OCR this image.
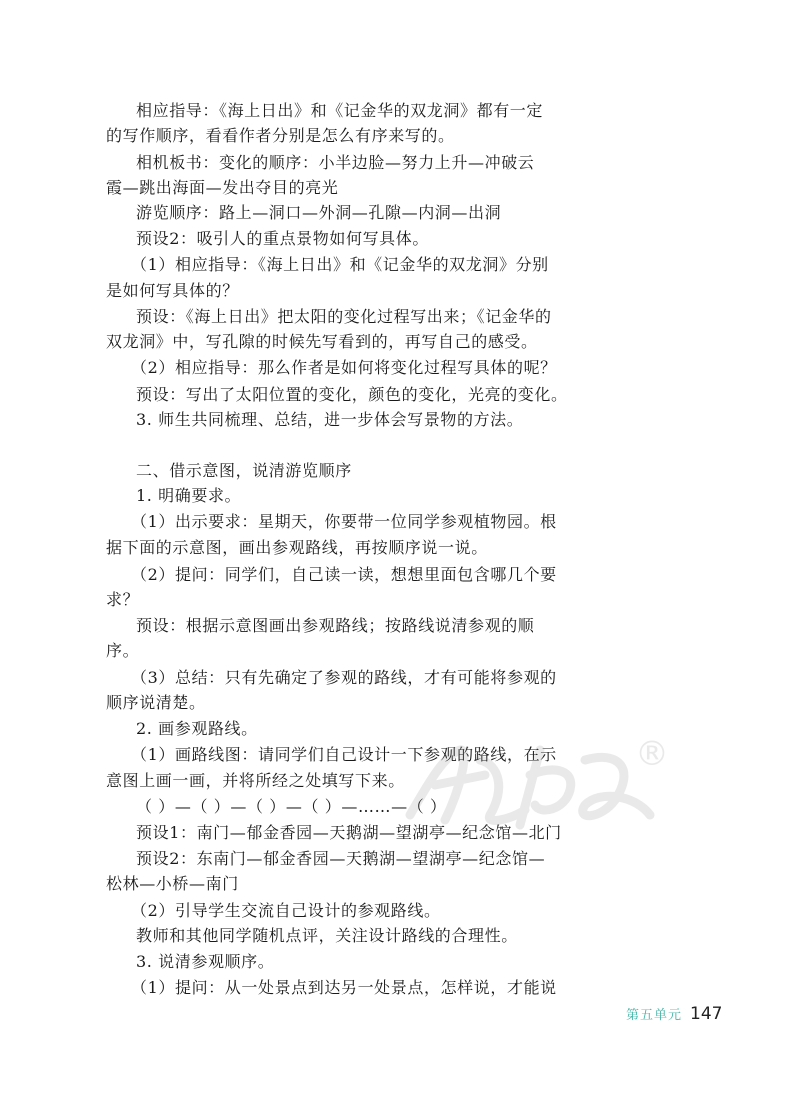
相应指导：《海上日出》和《记金华的双龙洞》都有一定
的写作顺序，看看作者分别是怎么有序来写的。
相机板书：变化的顺序：小半边脸—努力上升—冲破云
霞—跳出海面—发出夺目的亮光
游览顺序：路上—洞口—外洞—孔隙—内洞—出洞
预设2：吸引人的重点景物如何写具体。
（1）相应指导：《海上日出》和《记金华的双龙洞》分别
是如何写具体的？
预设：《海上日出》把太阳的变化过程写出来；《记金华的
双龙洞》中，写孔隙的时候先写看到的，再写自己的感受。
（2）相应指导：那么作者是如何将变化过程写具体的呢？
预设：写出了太阳位置的变化，颜色的变化，光亮的变化。
3. 师生共同梳理、总结，进一步体会写景物的方法。
二、借示意图，说清游览顺序
1. 明确要求。
（1）出示要求：星期天，你要带一位同学参观植物园。根
据下面的示意图，画出参观路线，再按顺序说一说。
（2）提问：同学们，自己读一读，想想里面包含哪几个要
求？
预设：根据示意图画出参观路线；按路线说清参观的顺
序。
（3）总结：只有先确定了参观的路线，才有可能将参观的
顺序说清楚。
2. 画参观路线。
（1）画路线图：请同学们自己设计一下参观的路线，在示
意图上画一画，并将所经之处填写下来。
（ ）—（ ）—（ ）—（ ）—……—（ ）
预设1：南门—郁金香园—天鹅湖—望湖亭—纪念馆—北门
预设2：东南门—郁金香园—天鹅湖—望湖亭—纪念馆—
松林—小桥—南门
（2）引导学生交流自己设计的参观路线。
教师和其他同学随机点评，关注设计路线的合理性。
3. 说清参观顺序。
（1）提问：从一处景点到达另一处景点，怎样说，才能说
®
第五单元 147
